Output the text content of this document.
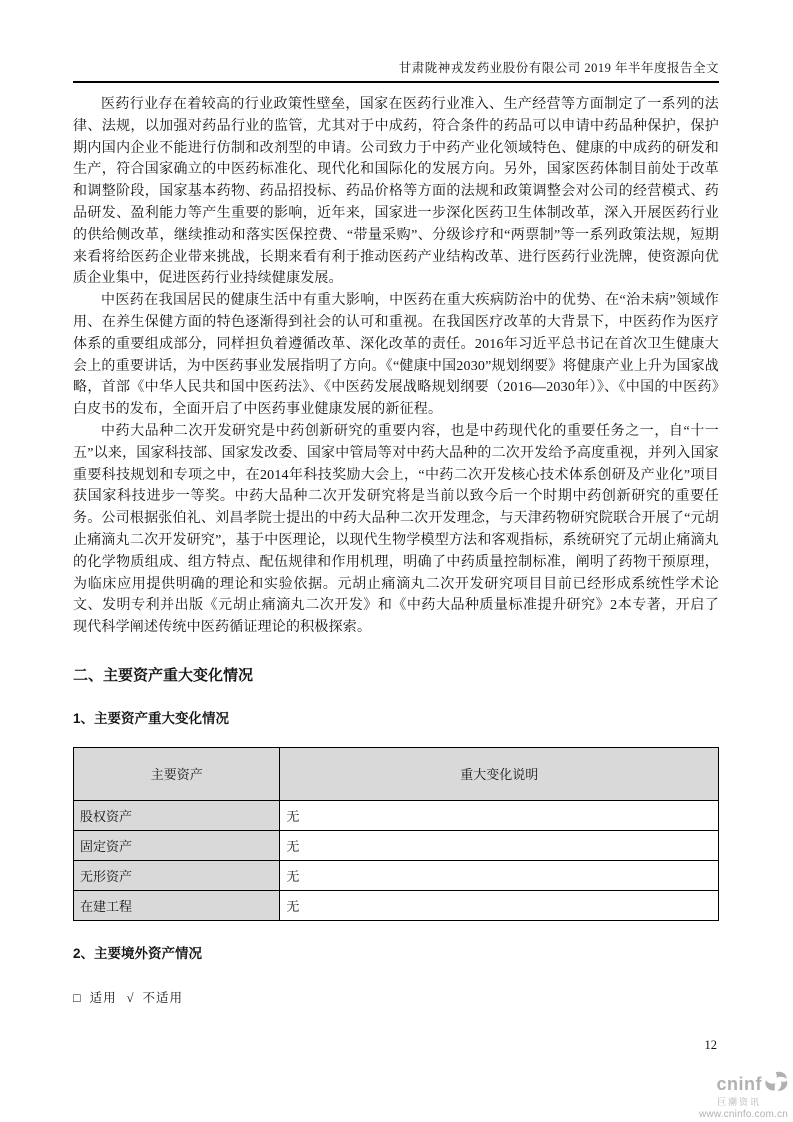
甘肃陇神戎发药业股份有限公司 2019 年半年度报告全文

医药行业存在着较高的行业政策性壁垒，国家在医药行业准入、生产经营等方面制定了一系列的法律、法规，以加强对药品行业的监管，尤其对于中成药，符合条件的药品可以申请中药品种保护，保护期内国内企业不能进行仿制和改剂型的申请。公司致力于中药产业化领域特色、健康的中成药的研发和生产，符合国家确立的中医药标准化、现代化和国际化的发展方向。另外，国家医药体制目前处于改革和调整阶段，国家基本药物、药品招投标、药品价格等方面的法规和政策调整会对公司的经营模式、药品研发、盈利能力等产生重要的影响，近年来，国家进一步深化医药卫生体制改革，深入开展医药行业的供给侧改革，继续推动和落实医保控费、“带量采购”、分级诊疗和“两票制”等一系列政策法规，短期来看将给医药企业带来挑战，长期来看有利于推动医药产业结构改革、进行医药行业洗牌，使资源向优质企业集中，促进医药行业持续健康发展。

中医药在我国居民的健康生活中有重大影响，中医药在重大疾病防治中的优势、在“治未病”领域作用、在养生保健方面的特色逐渐得到社会的认可和重视。在我国医疗改革的大背景下，中医药作为医疗体系的重要组成部分，同样担负着遵循改革、深化改革的责任。2016年习近平总书记在首次卫生健康大会上的重要讲话，为中医药事业发展指明了方向。《“健康中国2030”规划纲要》将健康产业上升为国家战略，首部《中华人民共和国中医药法》、《中医药发展战略规划纲要（2016—2030年）》、《中国的中医药》白皮书的发布，全面开启了中医药事业健康发展的新征程。

中药大品种二次开发研究是中药创新研究的重要内容，也是中药现代化的重要任务之一，自“十一五”以来，国家科技部、国家发改委、国家中管局等对中药大品种的二次开发给予高度重视，并列入国家重要科技规划和专项之中，在2014年科技奖励大会上，“中药二次开发核心技术体系创研及产业化”项目获国家科技进步一等奖。中药大品种二次开发研究将是当前以致今后一个时期中药创新研究的重要任务。公司根据张伯礼、刘昌孝院士提出的中药大品种二次开发理念，与天津药物研究院联合开展了“元胡止痛滴丸二次开发研究”，基于中医理论，以现代生物学模型方法和客观指标，系统研究了元胡止痛滴丸的化学物质组成、组方特点、配伍规律和作用机理，明确了中药质量控制标准，阐明了药物干预原理，为临床应用提供明确的理论和实验依据。元胡止痛滴丸二次开发研究项目目前已经形成系统性学术论文、发明专利并出版《元胡止痛滴丸二次开发》和《中药大品种质量标准提升研究》2本专著，开启了现代科学阐述传统中医药循证理论的积极探索。

二、主要资产重大变化情况
1、主要资产重大变化情况
主要资产	重大变化说明
股权资产	无
固定资产	无
无形资产	无
在建工程	无
2、主要境外资产情况
□ 适用 √ 不适用
12
cninf
巨潮资讯
www.cninfo.com.cn
